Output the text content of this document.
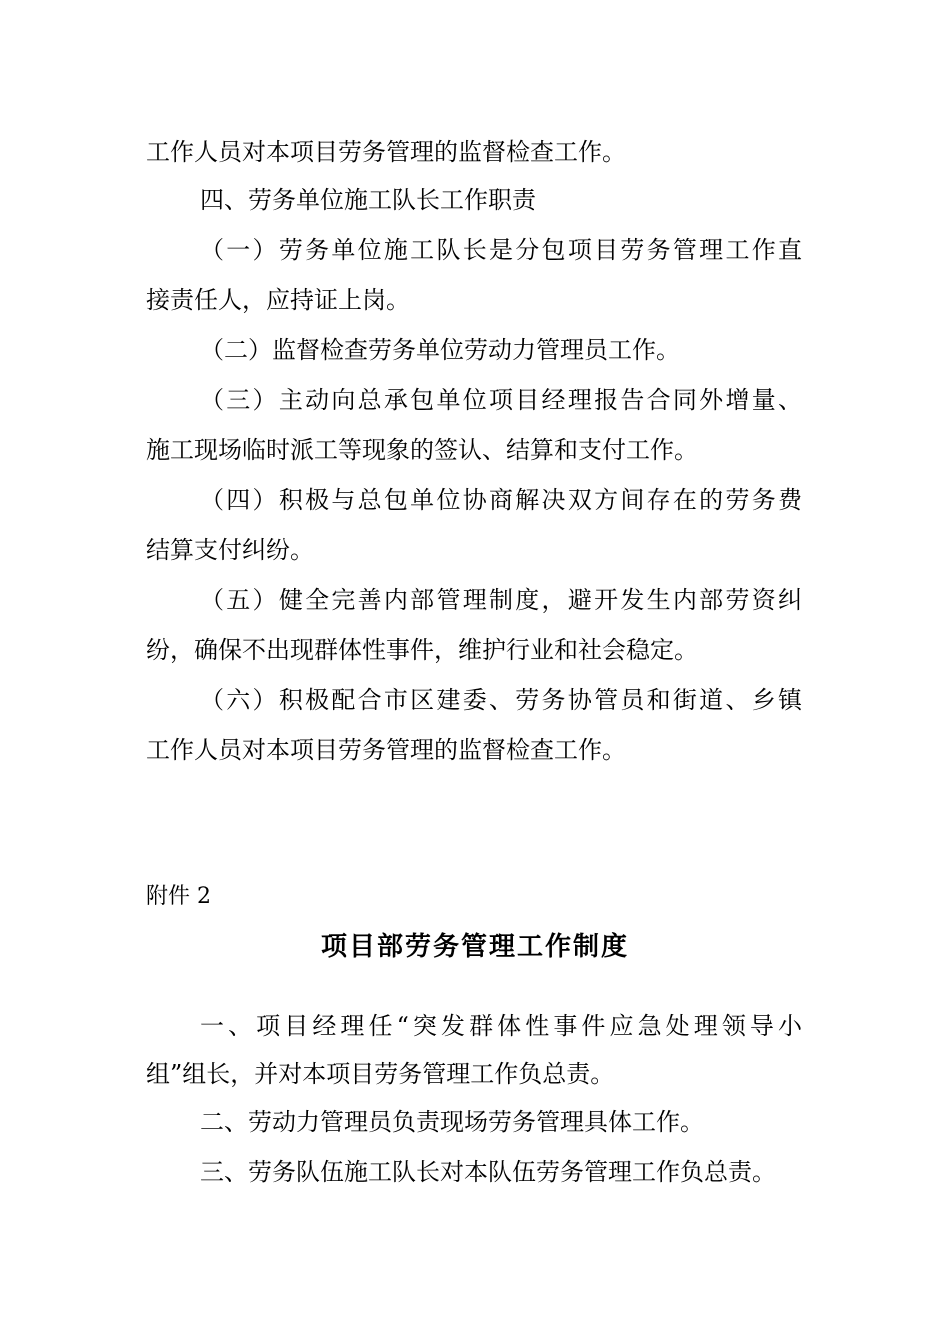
工作人员对本项目劳务管理的监督检查工作。
四、劳务单位施工队长工作职责
（一）劳务单位施工队长是分包项目劳务管理工作直
接责任人，应持证上岗。
（二）监督检查劳务单位劳动力管理员工作。
（三）主动向总承包单位项目经理报告合同外增量、
施工现场临时派工等现象的签认、结算和支付工作。
（四）积极与总包单位协商解决双方间存在的劳务费
结算支付纠纷。
（五）健全完善内部管理制度，避开发生内部劳资纠
纷，确保不出现群体性事件，维护行业和社会稳定。
（六）积极配合市区建委、劳务协管员和街道、乡镇
工作人员对本项目劳务管理的监督检查工作。
附件 2
项目部劳务管理工作制度
一、项目经理任“突发群体性事件应急处理领导小
组”组长，并对本项目劳务管理工作负总责。
二、劳动力管理员负责现场劳务管理具体工作。
三、劳务队伍施工队长对本队伍劳务管理工作负总责。
